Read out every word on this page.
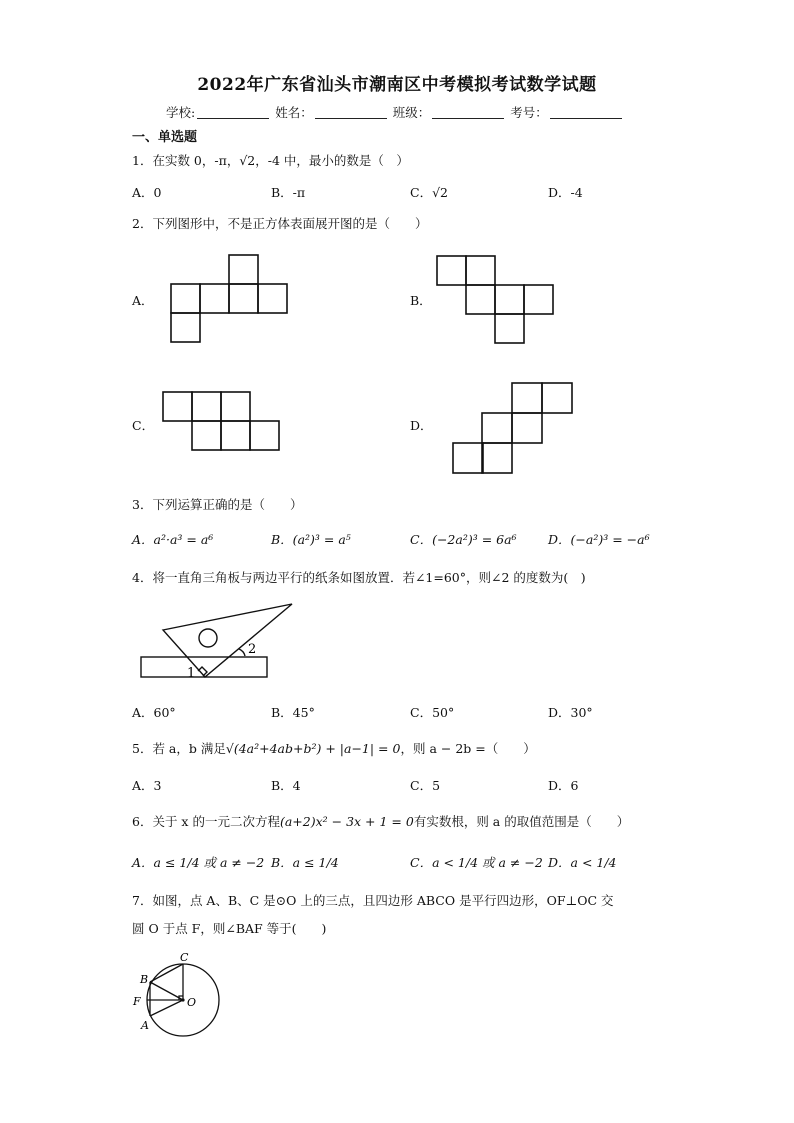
2022年广东省汕头市潮南区中考模拟考试数学试题
学校:	姓名：	班级：	考号：
一、单选题
1．在实数 0，-π，√2，-4 中，最小的数是（　）
A．0	B．-π	C．√2	D．-4
2．下列图形中，不是正方体表面展开图的是（　　）
A．	B．
C．	D．
3．下列运算正确的是（　　）
A．a²·a³ = a⁶	B．(a²)³ = a⁵	C．(−2a²)³ = 6a⁶	D．(−a²)³ = −a⁶
4．将一直角三角板与两边平行的纸条如图放置．若∠1=60°，则∠2 的度数为(　)
1
2
A．60°	B．45°	C．50°	D．30°
5．若 a，b 满足√(4a²+4ab+b²) + |a−1| = 0，则 a − 2b =（　　）
A．3	B．4	C．5	D．6
6．关于 x 的一元二次方程(a+2)x² − 3x + 1 = 0有实数根，则 a 的取值范围是（　　）
A．a ≤ 1/4 或 a ≠ −2 B．a ≤ 1/4	C．a < 1/4 或 a ≠ −2 D．a < 1/4
7．如图，点 A、B、C 是⊙O 上的三点，且四边形 ABCO 是平行四边形，OF⊥OC 交
圆 O 于点 F，则∠BAF 等于(　　)
C
B
F	O
A
